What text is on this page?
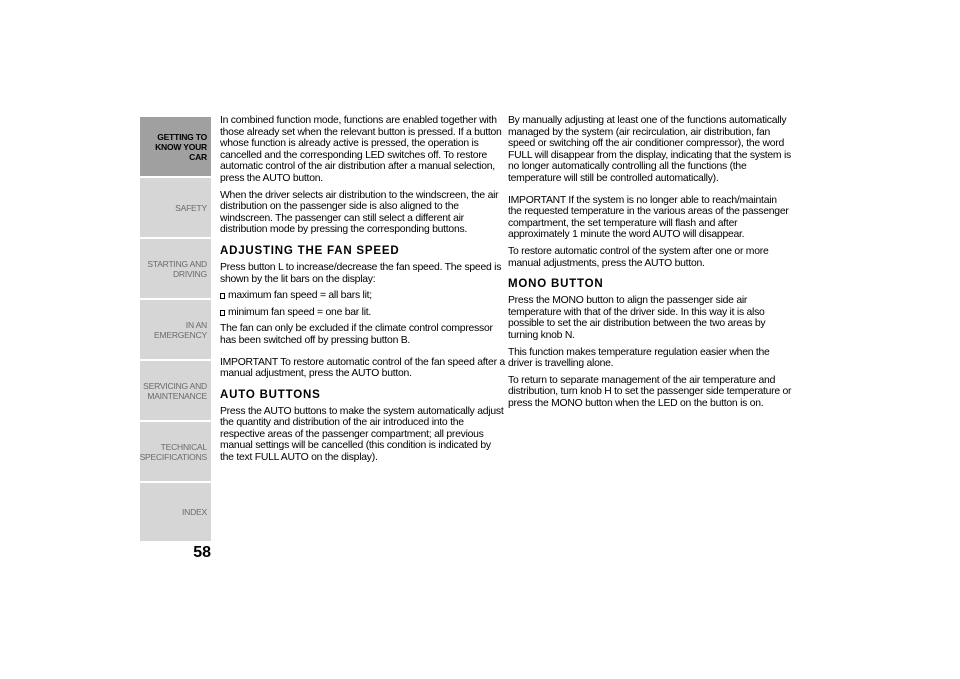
GETTING TO
KNOW YOUR CAR
SAFETY
STARTING AND
DRIVING
IN AN EMERGENCY
SERVICING AND
MAINTENANCE
TECHNICAL
SPECIFICATIONS
INDEX
58

In combined function mode, functions are enabled together with those already set when the relevant button is pressed. If a button whose function is already active is pressed, the operation is cancelled and the corresponding LED switches off. To restore automatic control of the air distribution after a manual selection, press the AUTO button.

When the driver selects air distribution to the windscreen, the air distribution on the passenger side is also aligned to the windscreen. The passenger can still select a different air distribution mode by pressing the corresponding buttons.

ADJUSTING THE FAN SPEED

Press button L to increase/decrease the fan speed. The speed is shown by the lit bars on the display:

maximum fan speed = all bars lit;
minimum fan speed = one bar lit.

The fan can only be excluded if the climate control compressor has been switched off by pressing button B.

IMPORTANT To restore automatic control of the fan speed after a manual adjustment, press the AUTO button.

AUTO BUTTONS

Press the AUTO buttons to make the system automatically adjust the quantity and distribution of the air introduced into the respective areas of the passenger compartment; all previous manual settings will be cancelled (this condition is indicated by the text FULL AUTO on the display).

By manually adjusting at least one of the functions automatically managed by the system (air recirculation, air distribution, fan speed or switching off the air conditioner compressor), the word FULL will disappear from the display, indicating that the system is no longer automatically controlling all the functions (the temperature will still be controlled automatically).

IMPORTANT If the system is no longer able to reach/maintain the requested temperature in the various areas of the passenger compartment, the set temperature will flash and after approximately 1 minute the word AUTO will disappear.

To restore automatic control of the system after one or more manual adjustments, press the AUTO button.

MONO BUTTON

Press the MONO button to align the passenger side air temperature with that of the driver side. In this way it is also possible to set the air distribution between the two areas by turning knob N.

This function makes temperature regulation easier when the driver is travelling alone.

To return to separate management of the air temperature and distribution, turn knob H to set the passenger side temperature or press the MONO button when the LED on the button is on.
